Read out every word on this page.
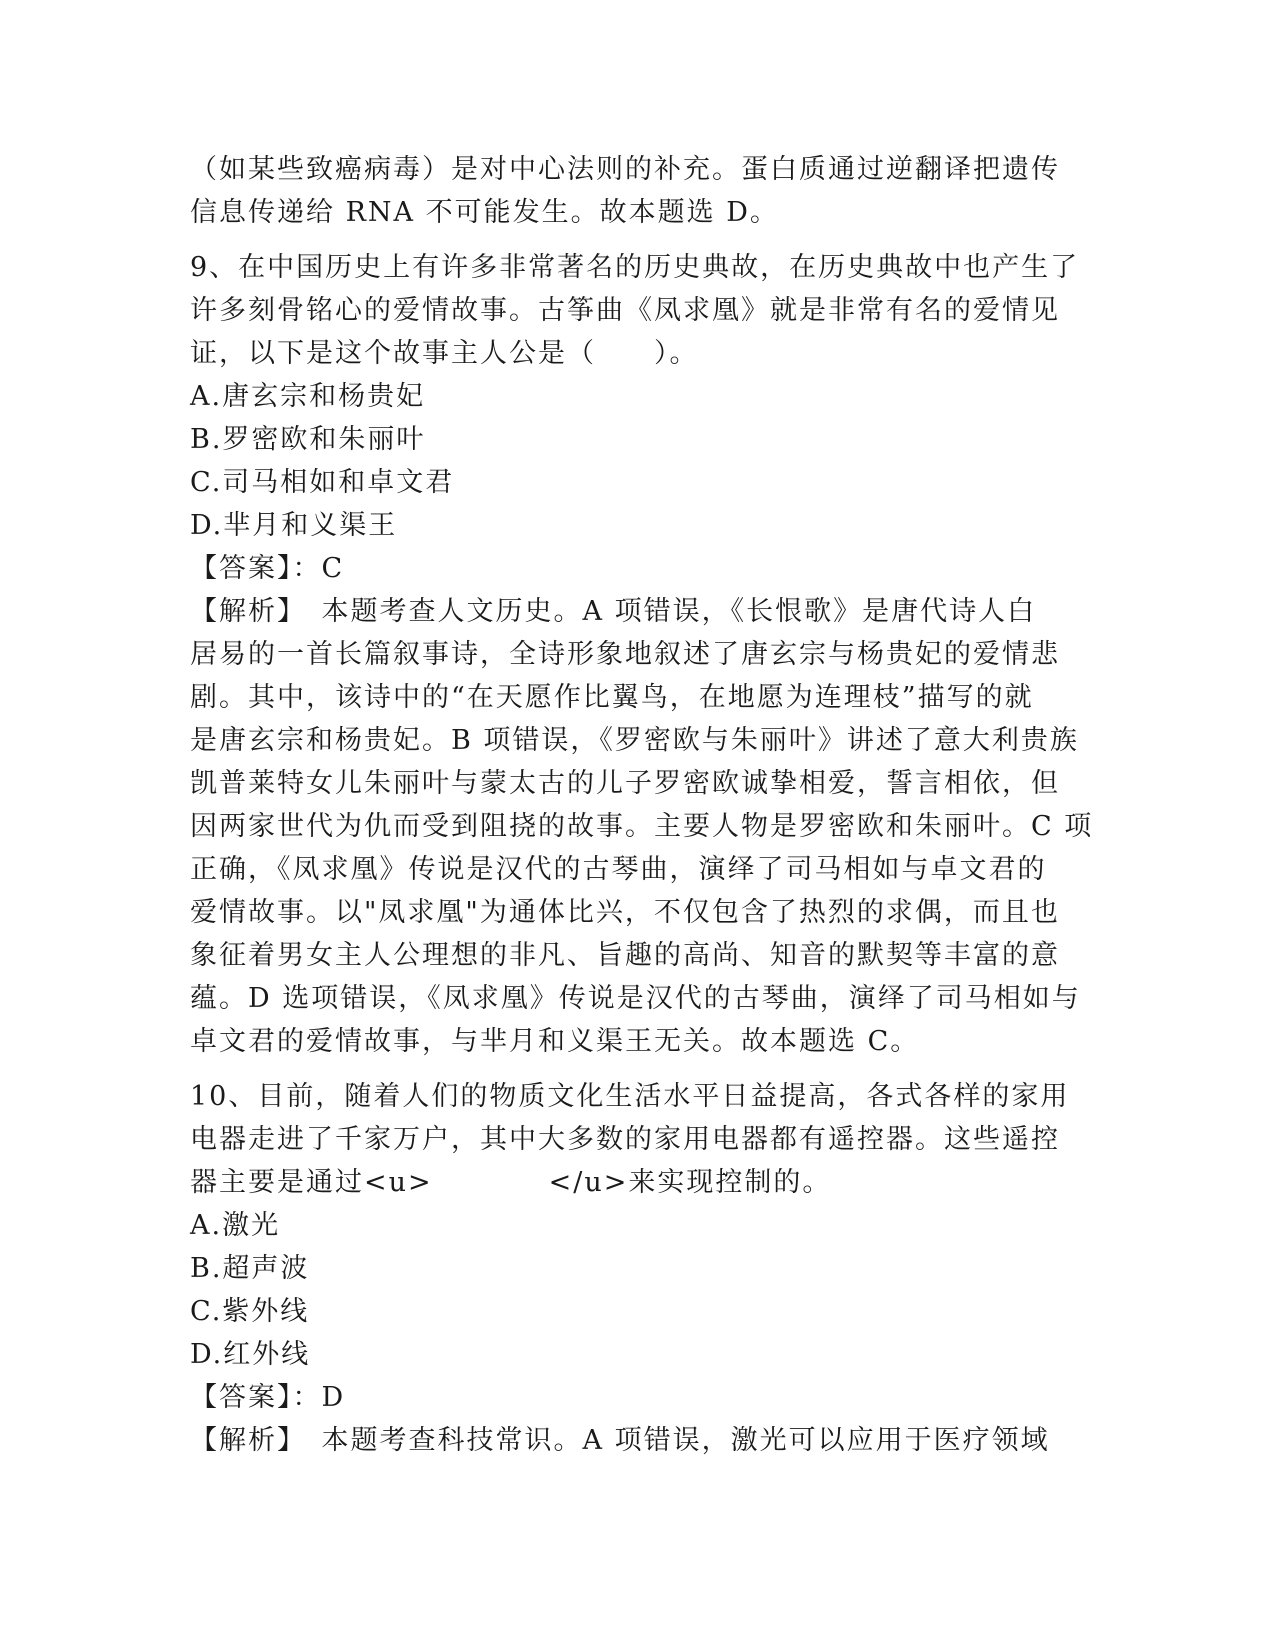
（如某些致癌病毒）是对中心法则的补充。蛋白质通过逆翻译把遗传
信息传递给 RNA 不可能发生。故本题选 D。
9、在中国历史上有许多非常著名的历史典故，在历史典故中也产生了
许多刻骨铭心的爱情故事。古筝曲《凤求凰》就是非常有名的爱情见
证，以下是这个故事主人公是（　　）。
A.唐玄宗和杨贵妃
B.罗密欧和朱丽叶
C.司马相如和卓文君
D.芈月和义渠王
【答案】：C
【解析】　本题考查人文历史。A 项错误，《长恨歌》是唐代诗人白
居易的一首长篇叙事诗，全诗形象地叙述了唐玄宗与杨贵妃的爱情悲
剧。其中，该诗中的“在天愿作比翼鸟，在地愿为连理枝”描写的就
是唐玄宗和杨贵妃。B 项错误，《罗密欧与朱丽叶》讲述了意大利贵族
凯普莱特女儿朱丽叶与蒙太古的儿子罗密欧诚挚相爱，誓言相依，但
因两家世代为仇而受到阻挠的故事。主要人物是罗密欧和朱丽叶。C 项
正确，《凤求凰》传说是汉代的古琴曲，演绎了司马相如与卓文君的
爱情故事。以"凤求凰"为通体比兴，不仅包含了热烈的求偶，而且也
象征着男女主人公理想的非凡、旨趣的高尚、知音的默契等丰富的意
蕴。D 选项错误，《凤求凰》传说是汉代的古琴曲，演绎了司马相如与
卓文君的爱情故事，与芈月和义渠王无关。故本题选 C。
10、目前，随着人们的物质文化生活水平日益提高，各式各样的家用
电器走进了千家万户，其中大多数的家用电器都有遥控器。这些遥控
器主要是通过<u>　　　　</u>来实现控制的。
A.激光
B.超声波
C.紫外线
D.红外线
【答案】：D
【解析】　本题考查科技常识。A 项错误，激光可以应用于医疗领域
